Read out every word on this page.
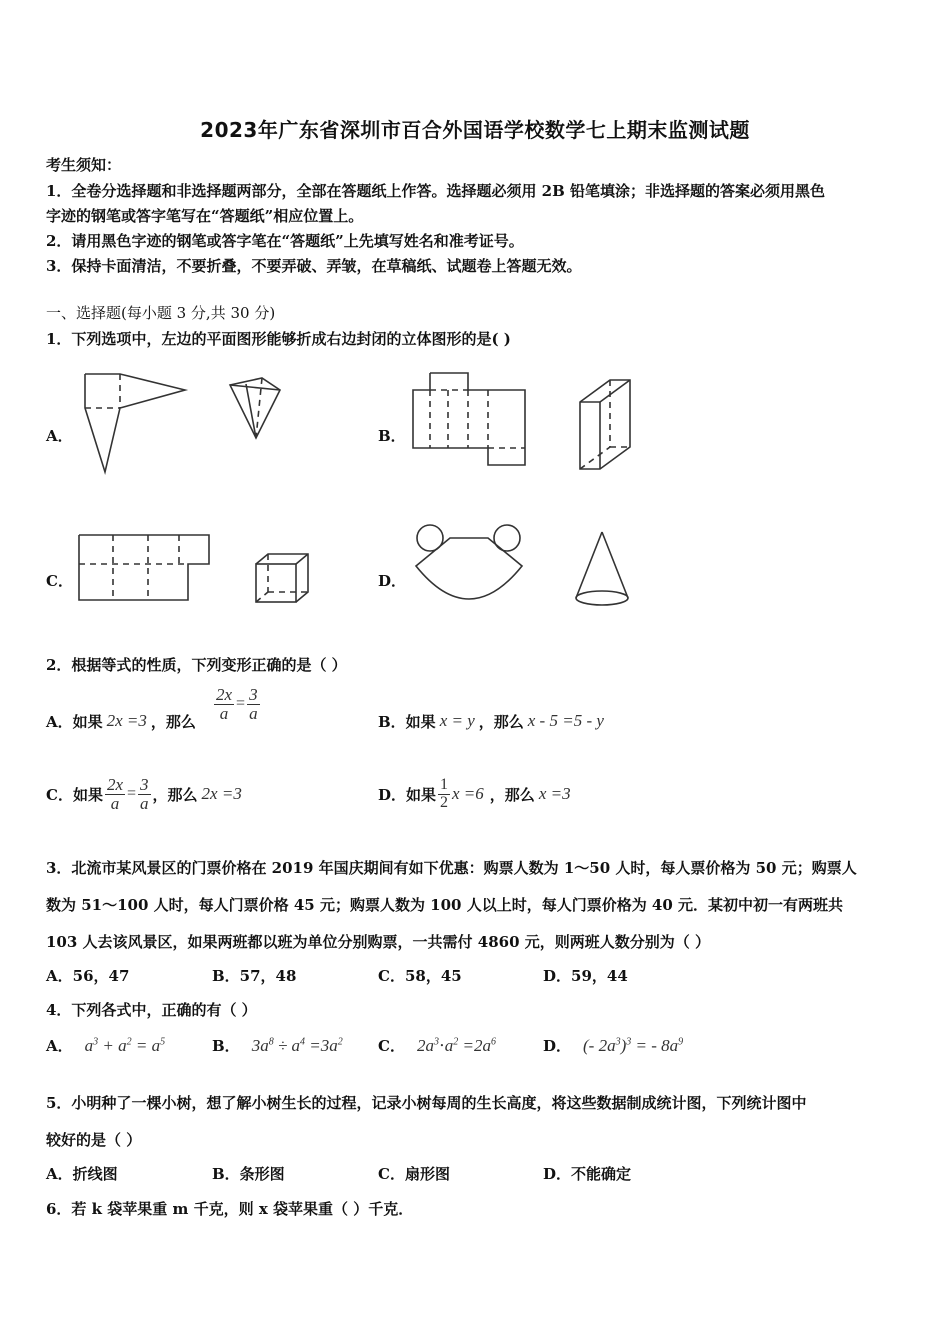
2023年广东省深圳市百合外国语学校数学七上期末监测试题
考生须知：
1．全卷分选择题和非选择题两部分，全部在答题纸上作答。选择题必须用 2B 铅笔填涂；非选择题的答案必须用黑色
字迹的钢笔或答字笔写在“答题纸”相应位置上。
2．请用黑色字迹的钢笔或答字笔在“答题纸”上先填写姓名和准考证号。
3．保持卡面清洁，不要折叠，不要弄破、弄皱，在草稿纸、试题卷上答题无效。
一、选择题(每小题 3 分,共 30 分)
1．下列选项中，左边的平面图形能够折成右边封闭的立体图形的是( )
A．	B．
C．	D．
2．根据等式的性质，下列变形正确的是（ ）
A．如果 2x =3 ，那么 $\frac{2x}{a} = \frac{3}{a}$	B．如果 x = y ，那么 x - 5 =5 - y
C．如果 $\frac{2x}{a} = \frac{3}{a}$ ，那么 2x =3	D．如果 $\frac{1}{2}$ x =6 ，那么 x =3
3．北流市某风景区的门票价格在 2019 年国庆期间有如下优惠：购票人数为 1～50 人时，每人票价格为 50 元；购票人
数为 51～100 人时，每人门票价格 45 元；购票人数为 100 人以上时，每人门票价格为 40 元．某初中初一有两班共
103 人去该风景区，如果两班都以班为单位分别购票，一共需付 4860 元，则两班人数分别为（ ）
A．56，47	B．57，48	C．58，45	D．59，44
4．下列各式中，正确的有（ ）
A． $a^3 + a^2 = a^5$	B． $3a^8 \div a^4 =3a^2$ C． $2a^3\cdot a^2 =2a^6$	D． (- $2a^3)^3$ = - $8a^9$
5．小明种了一棵小树，想了解小树生长的过程，记录小树每周的生长高度，将这些数据制成统计图，下列统计图中
较好的是（ ）
A．折线图	B．条形图	C．扇形图	D．不能确定
6．若 k 袋苹果重 m 千克，则 x 袋苹果重（ ）千克．
